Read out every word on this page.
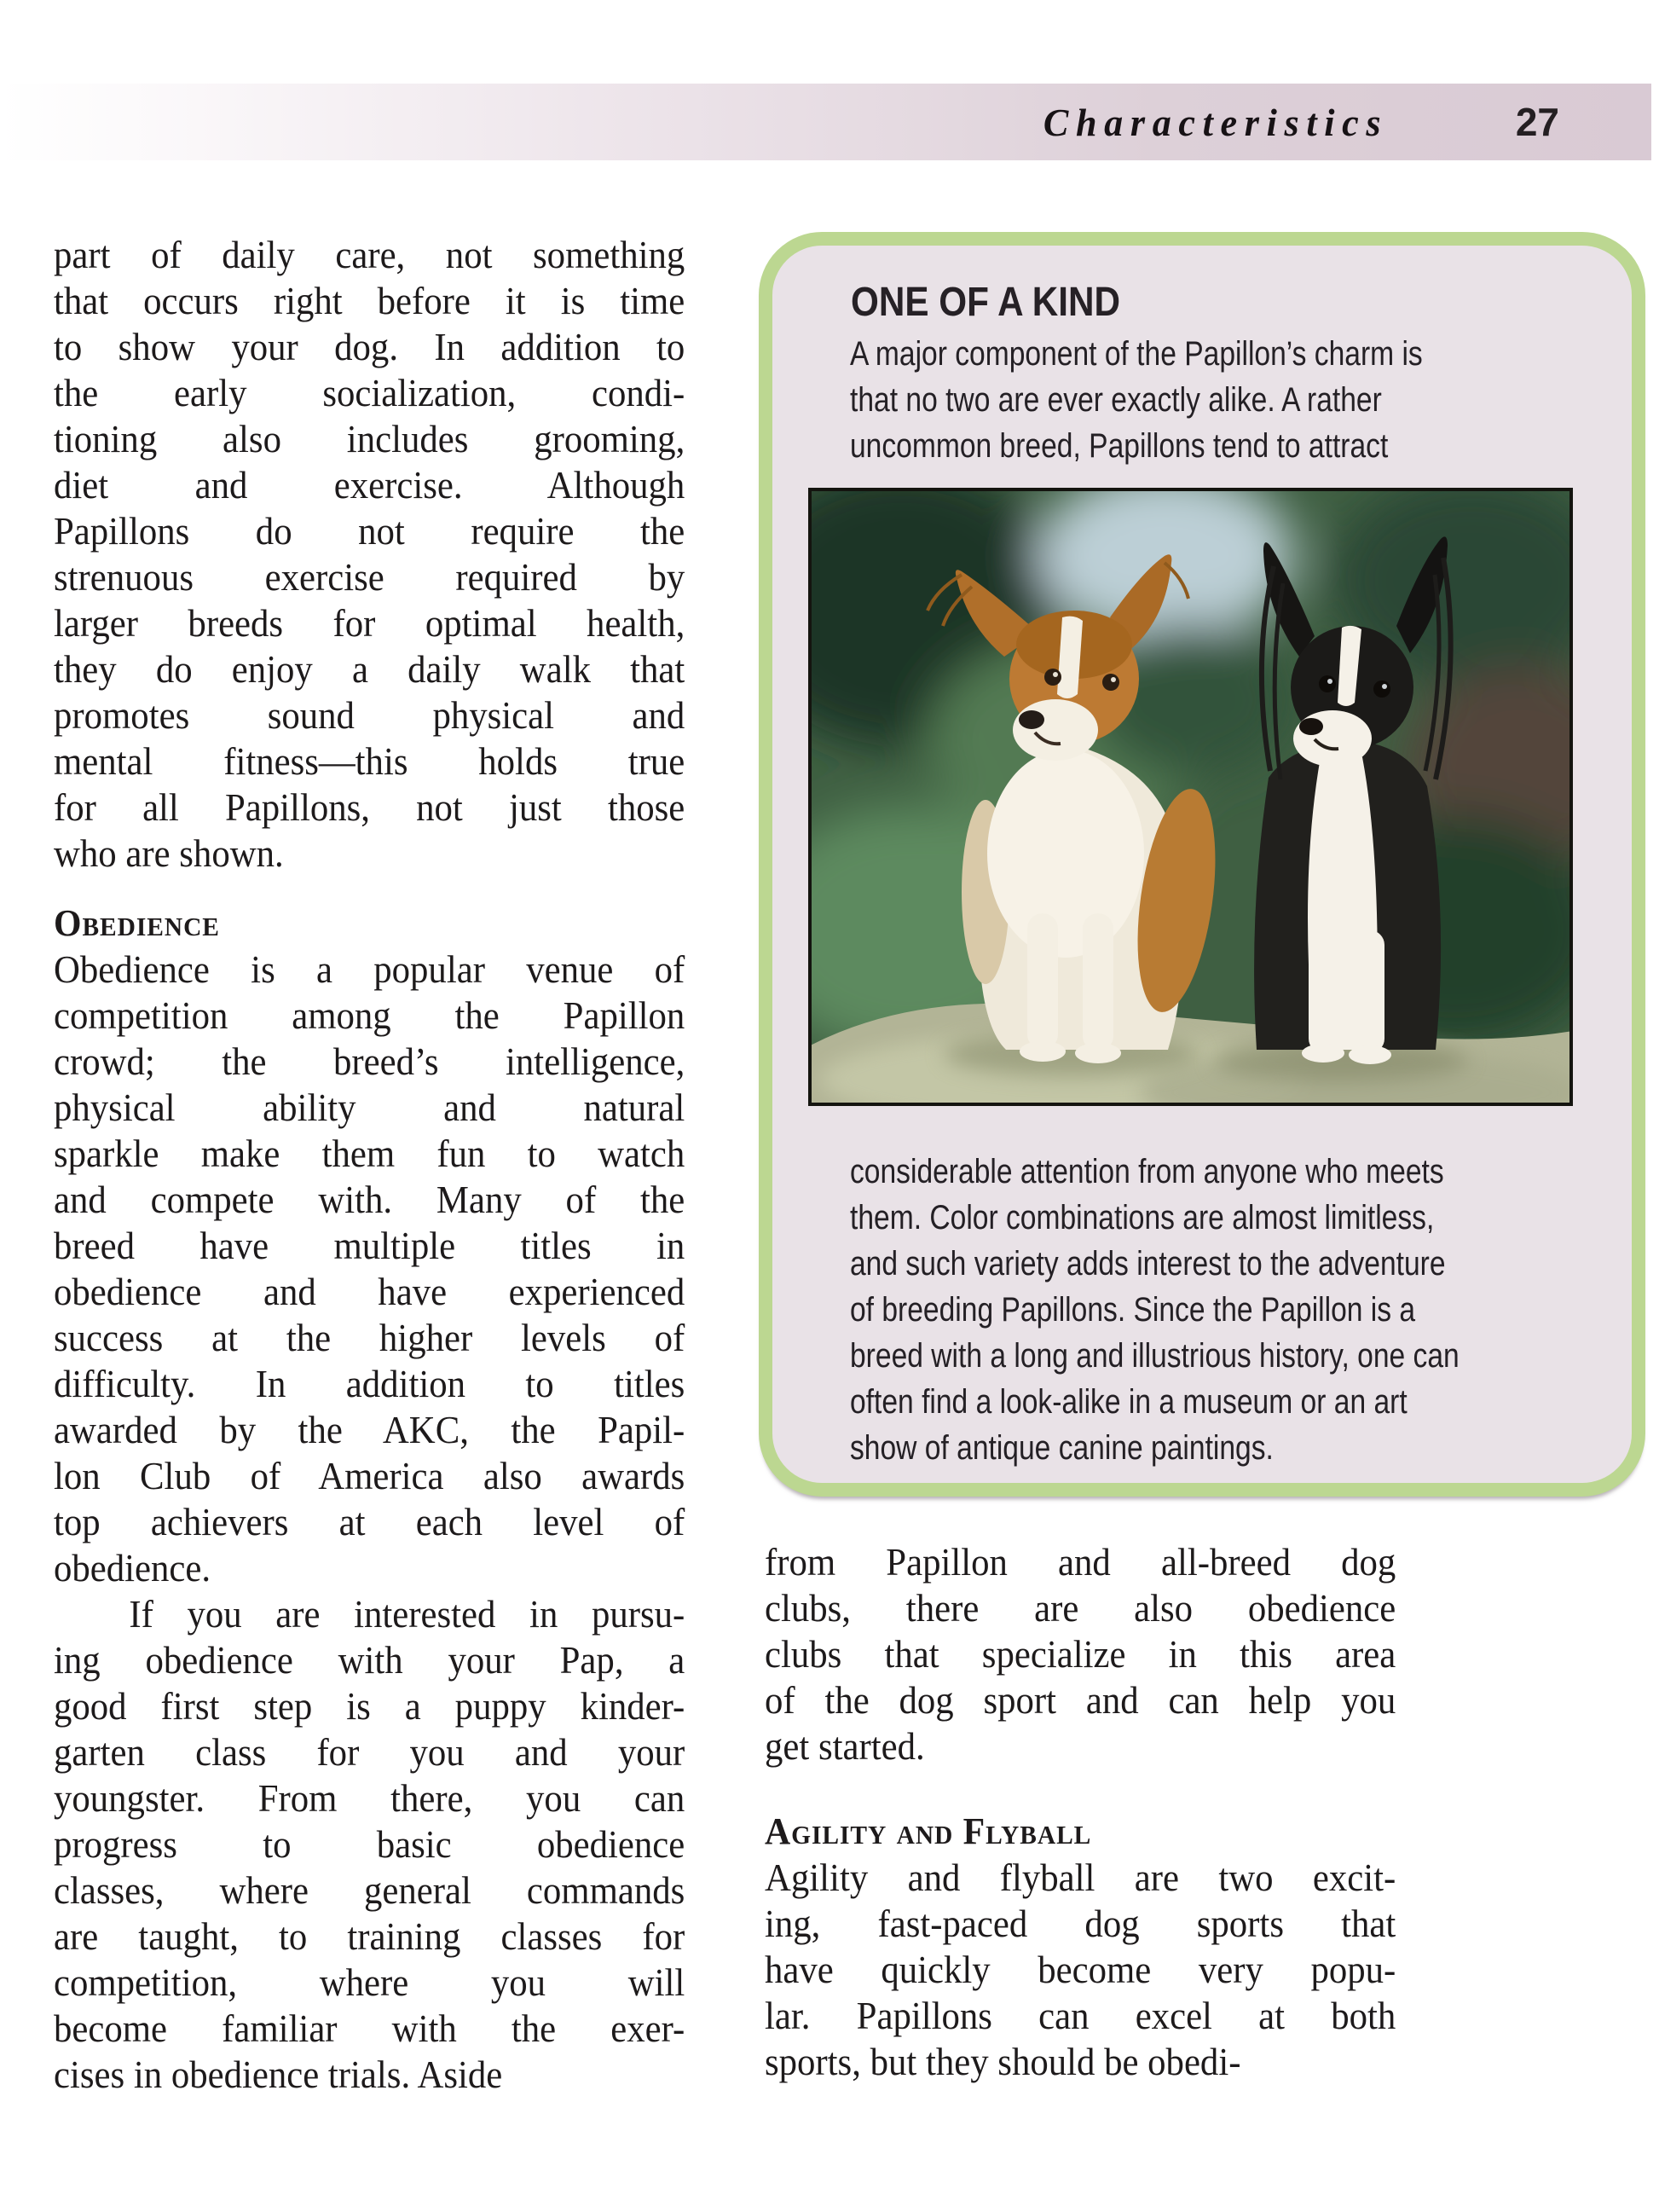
Characteristics	27
part of daily care, not something
that occurs right before it is time
to show your dog. In addition to
the early socialization, condi-
tioning also includes grooming,
diet and exercise. Although
Papillons do not require the
strenuous exercise required by
larger breeds for optimal health,
they do enjoy a daily walk that
promotes sound physical and
mental fitness—this holds true
for all Papillons, not just those
who are shown.
Obedience
Obedience is a popular venue of
competition among the Papillon
crowd; the breed’s intelligence,
physical ability and natural
sparkle make them fun to watch
and compete with. Many of the
breed have multiple titles in
obedience and have experienced
success at the higher levels of
difficulty. In addition to titles
awarded by the AKC, the Papil-
lon Club of America also awards
top achievers at each level of
obedience.
If you are interested in pursu-
ing obedience with your Pap, a
good first step is a puppy kinder-
garten class for you and your
youngster. From there, you can
progress to basic obedience
classes, where general commands
are taught, to training classes for
competition, where you will
become familiar with the exer-
cises in obedience trials. Aside
ONE OF A KIND
A major component of the Papillon’s charm is
that no two are ever exactly alike. A rather
uncommon breed, Papillons tend to attract
considerable attention from anyone who meets
them. Color combinations are almost limitless,
and such variety adds interest to the adventure
of breeding Papillons. Since the Papillon is a
breed with a long and illustrious history, one can
often find a look-alike in a museum or an art
show of antique canine paintings.
from Papillon and all-breed dog
clubs, there are also obedience
clubs that specialize in this area
of the dog sport and can help you
get started.
Agility and Flyball
Agility and flyball are two excit-
ing, fast-paced dog sports that
have quickly become very popu-
lar. Papillons can excel at both
sports, but they should be obedi-
